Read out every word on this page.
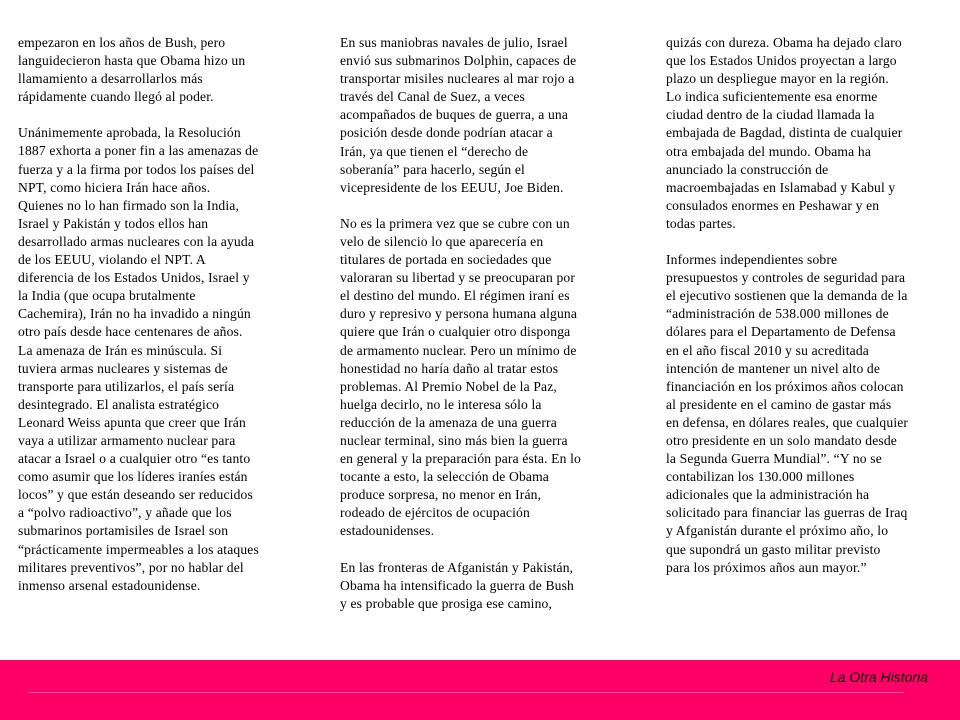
empezaron en los años de Bush, pero
languidecieron hasta que Obama hizo un
llamamiento a desarrollarlos más
rápidamente cuando llegó al poder.

Unánimemente aprobada, la Resolución
1887 exhorta a poner fin a las amenazas de
fuerza y a la firma por todos los países del
NPT, como hiciera Irán hace años.
Quienes no lo han firmado son la India,
Israel y Pakistán y todos ellos han
desarrollado armas nucleares con la ayuda
de los EEUU, violando el NPT. A
diferencia de los Estados Unidos, Israel y
la India (que ocupa brutalmente
Cachemira), Irán no ha invadido a ningún
otro país desde hace centenares de años.
La amenaza de Irán es minúscula. Si
tuviera armas nucleares y sistemas de
transporte para utilizarlos, el país sería
desintegrado. El analista estratégico
Leonard Weiss apunta que creer que Irán
vaya a utilizar armamento nuclear para
atacar a Israel o a cualquier otro “es tanto
como asumir que los líderes iraníes están
locos” y que están deseando ser reducidos
a “polvo radioactivo”, y añade que los
submarinos portamisiles de Israel son
“prácticamente impermeables a los ataques
militares preventivos”, por no hablar del
inmenso arsenal estadounidense.

En sus maniobras navales de julio, Israel
envió sus submarinos Dolphin, capaces de
transportar misiles nucleares al mar rojo a
través del Canal de Suez, a veces
acompañados de buques de guerra, a una
posición desde donde podrían atacar a
Irán, ya que tienen el “derecho de
soberanía” para hacerlo, según el
vicepresidente de los EEUU, Joe Biden.

No es la primera vez que se cubre con un
velo de silencio lo que aparecería en
titulares de portada en sociedades que
valoraran su libertad y se preocuparan por
el destino del mundo. El régimen iraní es
duro y represivo y persona humana alguna
quiere que Irán o cualquier otro disponga
de armamento nuclear. Pero un mínimo de
honestidad no haría daño al tratar estos
problemas. Al Premio Nobel de la Paz,
huelga decirlo, no le interesa sólo la
reducción de la amenaza de una guerra
nuclear terminal, sino más bien la guerra
en general y la preparación para ésta. En lo
tocante a esto, la selección de Obama
produce sorpresa, no menor en Irán,
rodeado de ejércitos de ocupación
estadounidenses.

En las fronteras de Afganistán y Pakistán,
Obama ha intensificado la guerra de Bush
y es probable que prosiga ese camino,

quizás con dureza. Obama ha dejado claro
que los Estados Unidos proyectan a largo
plazo un despliegue mayor en la región.
Lo indica suficientemente esa enorme
ciudad dentro de la ciudad llamada la
embajada de Bagdad, distinta de cualquier
otra embajada del mundo. Obama ha
anunciado la construcción de
macroembajadas en Islamabad y Kabul y
consulados enormes en Peshawar y en
todas partes.

Informes independientes sobre
presupuestos y controles de seguridad para
el ejecutivo sostienen que la demanda de la
“administración de 538.000 millones de
dólares para el Departamento de Defensa
en el año fiscal 2010 y su acreditada
intención de mantener un nivel alto de
financiación en los próximos años colocan
al presidente en el camino de gastar más
en defensa, en dólares reales, que cualquier
otro presidente en un solo mandato desde
la Segunda Guerra Mundial”. “Y no se
contabilizan los 130.000 millones
adicionales que la administración ha
solicitado para financiar las guerras de Iraq
y Afganistán durante el próximo año, lo
que supondrá un gasto militar previsto
para los próximos años aun mayor.”

La Otra Historia
